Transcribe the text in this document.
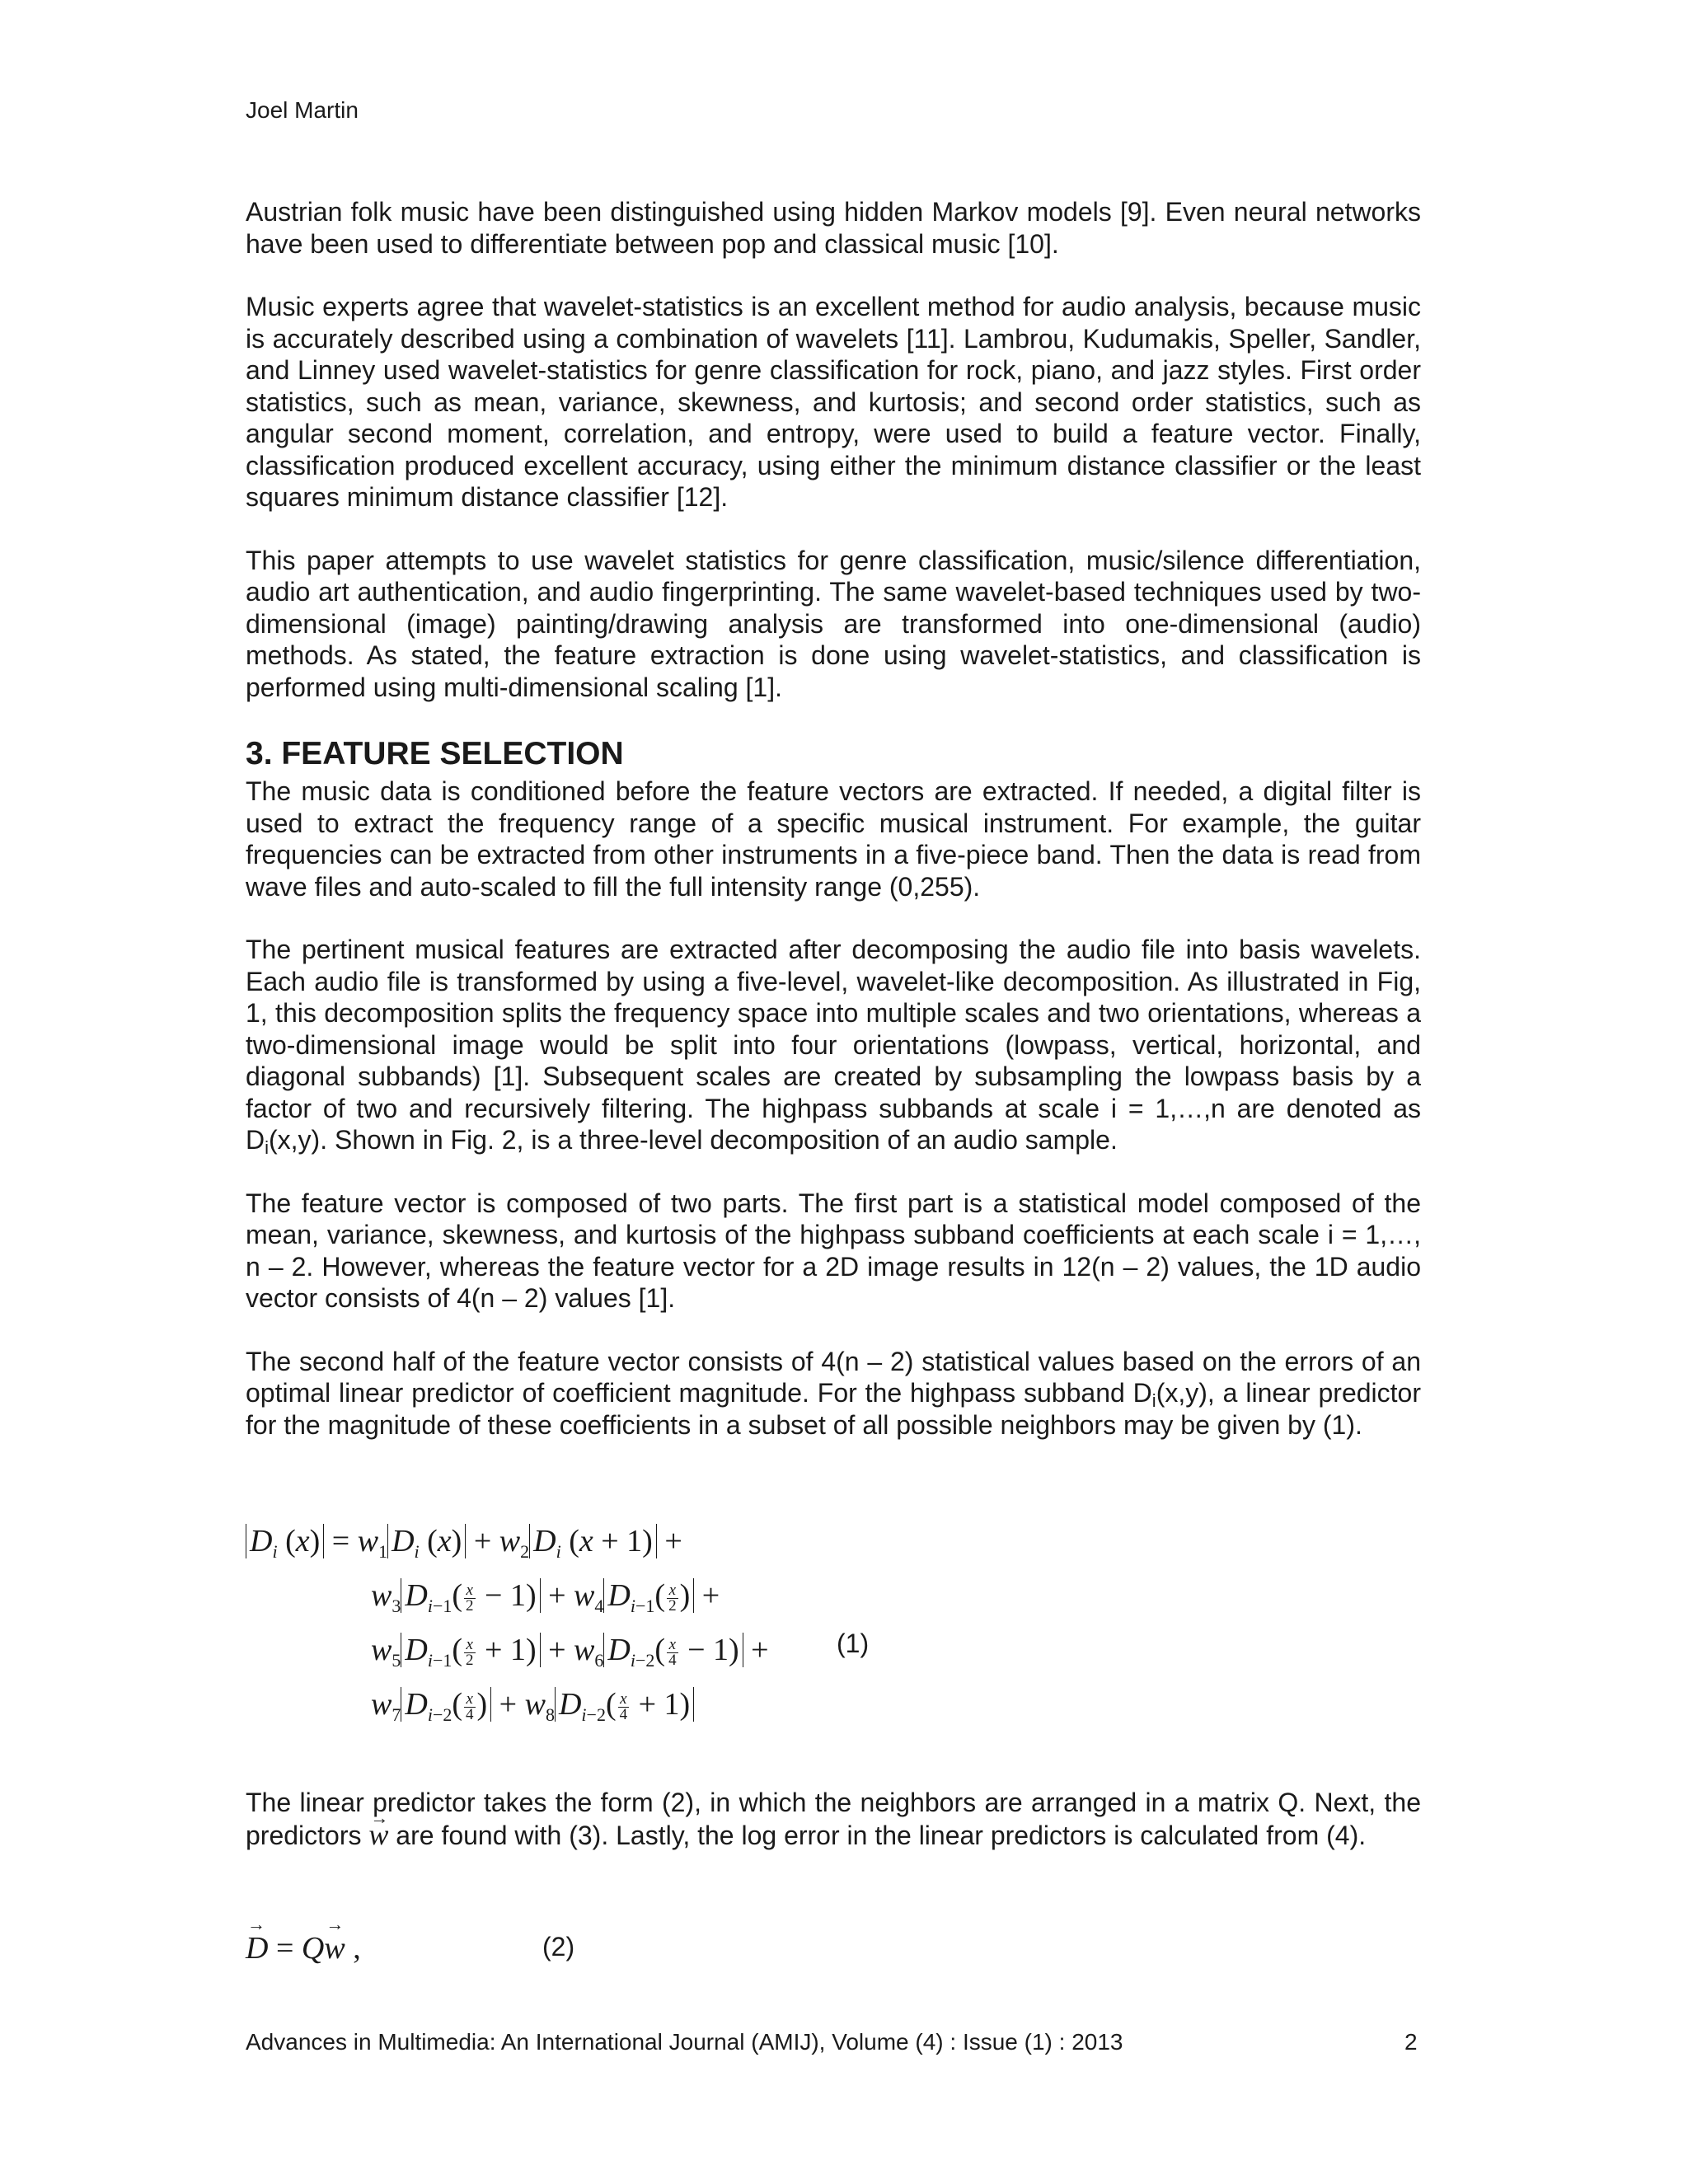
Joel Martin

Austrian folk music have been distinguished using hidden Markov models [9]. Even neural networks have been used to differentiate between pop and classical music [10].

Music experts agree that wavelet-statistics is an excellent method for audio analysis, because music is accurately described using a combination of wavelets [11]. Lambrou, Kudumakis, Speller, Sandler, and Linney used wavelet-statistics for genre classification for rock, piano, and jazz styles. First order statistics, such as mean, variance, skewness, and kurtosis; and second order statistics, such as angular second moment, correlation, and entropy, were used to build a feature vector. Finally, classification produced excellent accuracy, using either the minimum distance classifier or the least squares minimum distance classifier [12].

This paper attempts to use wavelet statistics for genre classification, music/silence differentiation, audio art authentication, and audio fingerprinting. The same wavelet-based techniques used by two-dimensional (image) painting/drawing analysis are transformed into one-dimensional (audio) methods. As stated, the feature extraction is done using wavelet-statistics, and classification is performed using multi-dimensional scaling [1].

3. FEATURE SELECTION

The music data is conditioned before the feature vectors are extracted. If needed, a digital filter is used to extract the frequency range of a specific musical instrument. For example, the guitar frequencies can be extracted from other instruments in a five-piece band. Then the data is read from wave files and auto-scaled to fill the full intensity range (0,255).

The pertinent musical features are extracted after decomposing the audio file into basis wavelets. Each audio file is transformed by using a five-level, wavelet-like decomposition. As illustrated in Fig, 1, this decomposition splits the frequency space into multiple scales and two orientations, whereas a two-dimensional image would be split into four orientations (lowpass, vertical, horizontal, and diagonal subbands) [1]. Subsequent scales are created by subsampling the lowpass basis by a factor of two and recursively filtering. The highpass subbands at scale i = 1,…,n are denoted as $D_i(x,y)$. Shown in Fig. 2, is a three-level decomposition of an audio sample.

The feature vector is composed of two parts. The first part is a statistical model composed of the mean, variance, skewness, and kurtosis of the highpass subband coefficients at each scale i = 1,…, n – 2. However, whereas the feature vector for a 2D image results in 12(n – 2) values, the 1D audio vector consists of 4(n – 2) values [1].

The second half of the feature vector consists of 4(n – 2) statistical values based on the errors of an optimal linear predictor of coefficient magnitude. For the highpass subband $D_i(x,y)$, a linear predictor for the magnitude of these coefficients in a subset of all possible neighbors may be given by (1).

$D_i$ $(x) = w_1$ $D_i$ $(x) + w_2$ $D_i$ (x + 1) +
$w_3$ $D_{i-1}( \frac{x}{2} - 1) + w_4$ $D_{i-1}( \frac{x}{2}$ ) +
$w_5$ $D_{i-1}( \frac{x}{2} + 1) + w_6$ $D_{i-2}( \frac{x}{4} - 1)$ +
$w_7$ $D_{i-2}( \frac{x}{4}$ ) + $w_8$ $D_{i-2}( \frac{x}{4} + 1)$
(1)

The linear predictor takes the form (2), in which the neighbors are arranged in a matrix Q. Next, the predictors → w are found with (3). Lastly, the log error in the linear predictors is calculated from (4).

→ D = Q→ w ,	(2)
Advances in Multimedia: An International Journal (AMIJ), Volume (4) : Issue (1) : 2013	2
